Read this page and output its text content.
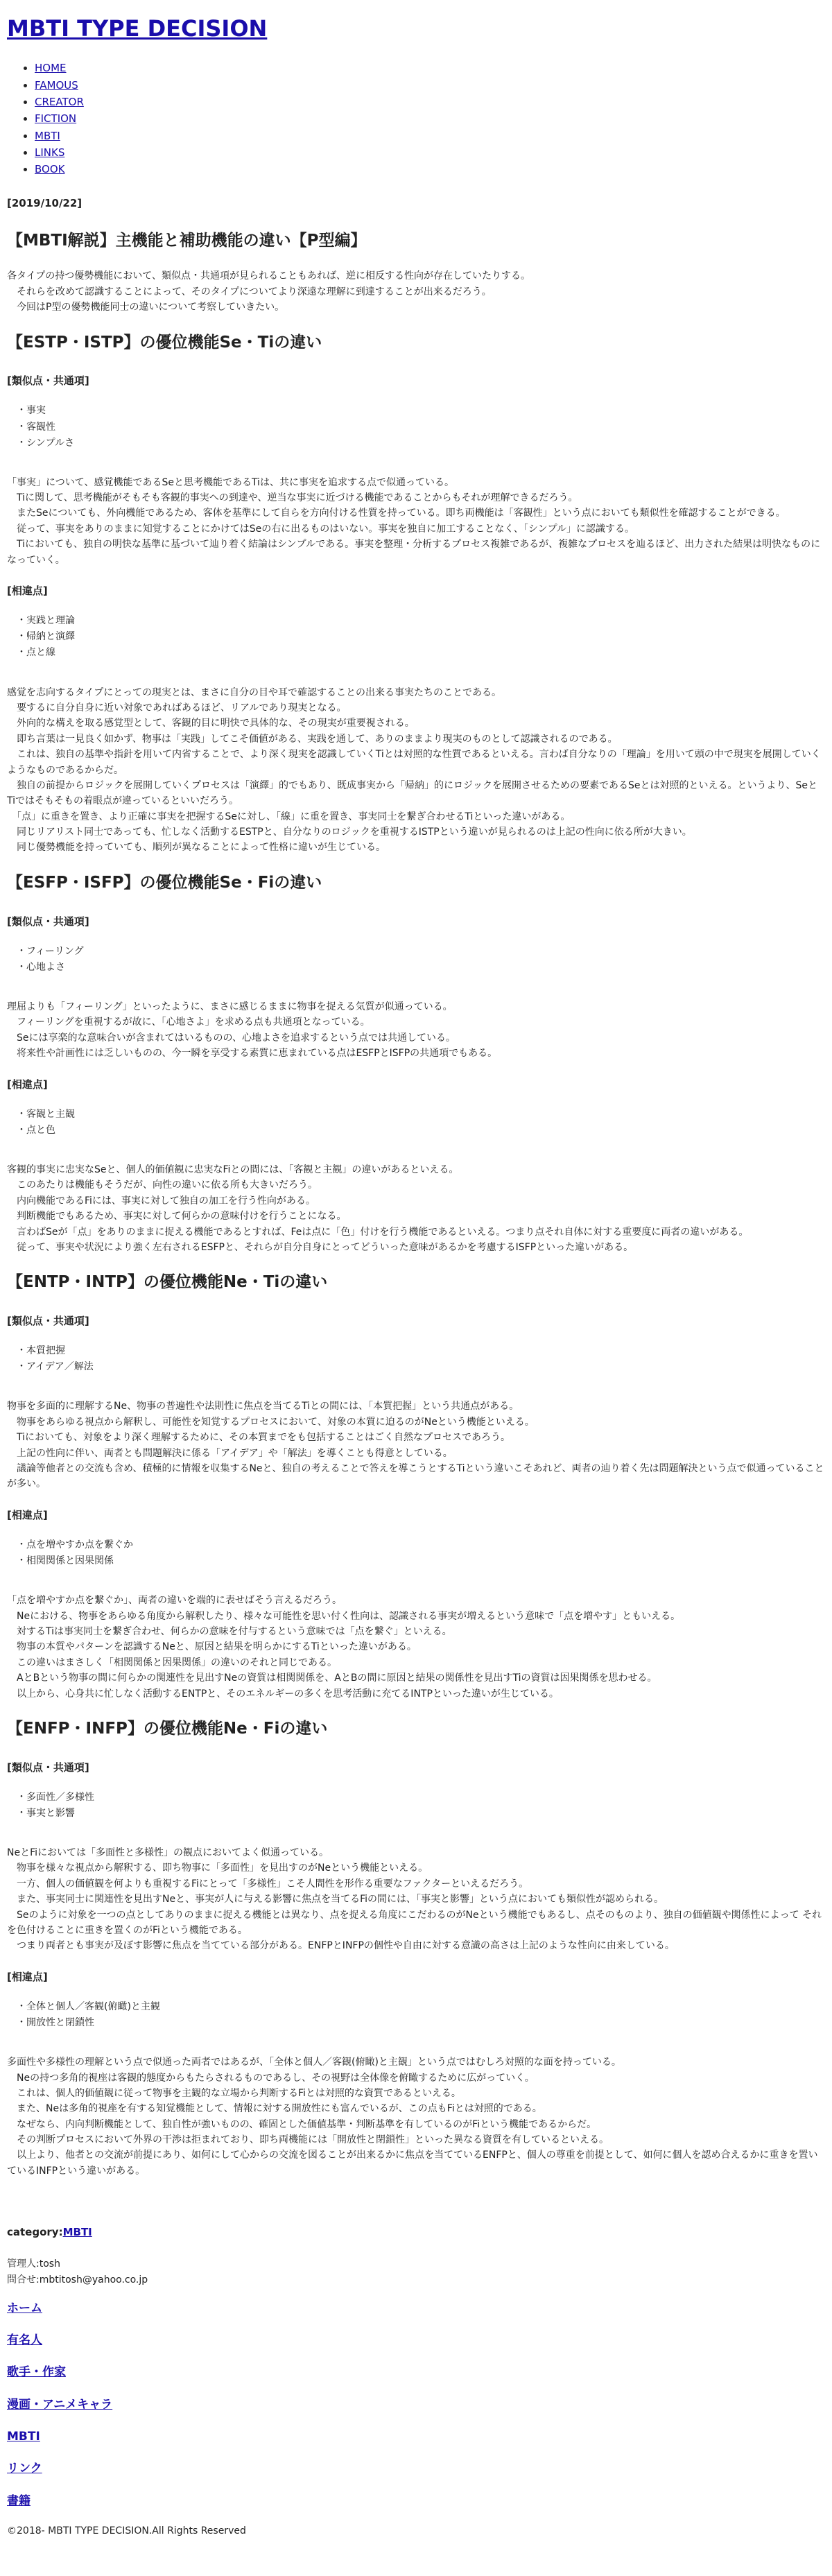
MBTI TYPE DECISION
• HOME
• FAMOUS
• CREATOR
• FICTION
• MBTI
• LINKS
• BOOK
[2019/10/22]
【MBTI解説】主機能と補助機能の違い【P型編】

各タイプの持つ優勢機能において、類似点・共通項が見られることもあれば、逆に相反する性向が存在していたりする。

　それらを改めて認識することによって、そのタイプについてより深遠な理解に到達することが出来るだろう。

　今回はP型の優勢機能同士の違いについて考察していきたい。

【ESTP・ISTP】の優位機能Se・Tiの違い
[類似点・共通項]
・事実
・客観性
・シンプルさ

「事実」について、感覚機能であるSeと思考機能であるTiは、共に事実を追求する点で似通っている。

　Tiに関して、思考機能がそもそも客観的事実への到達や、逆当な事実に近づける機能であることからもそれが理解できるだろう。

　またSeについても、外向機能であるため、客体を基準にして自らを方向付ける性質を持っている。即ち両機能は「客観性」という点においても類似性を確認することができる。

　従って、事実をありのままに知覚することにかけてはSeの右に出るものはいない。事実を独自に加工することなく、「シンプル」に認識する。

　Tiにおいても、独自の明快な基準に基づいて辿り着く結論はシンプルである。事実を整理・分析するプロセス複雑であるが、複雑なプロセスを辿るほど、出力された結果は明快なものになっていく。

[相違点]
・実践と理論
・帰納と演繹
・点と線

感覚を志向するタイプにとっての現実とは、まさに自分の目や耳で確認することの出来る事実たちのことである。

　要するに自分自身に近い対象であればあるほど、リアルであり現実となる。

　外向的な構えを取る感覚型として、客観的目に明快で具体的な、その現実が重要視される。

　即ち言葉は一見良く如かず、物事は「実践」してこそ価値がある、実践を通して、ありのままより現実のものとして認識されるのである。

　これは、独自の基準や指針を用いて内省することで、より深く現実を認識していくTiとは対照的な性質であるといえる。言わば自分なりの「理論」を用いて頭の中で現実を展開していくようなものであるからだ。

　独自の前提からロジックを展開していくプロセスは「演繹」的でもあり、既成事実から「帰納」的にロジックを展開させるための要素であるSeとは対照的といえる。というより、SeとTiではそもそもの着眼点が違っているといいだろう。

　「点」に重きを置き、より正確に事実を把握するSeに対し、「線」に重を置き、事実同士を繋ぎ合わせるTiといった違いがある。

　同じリアリスト同士であっても、忙しなく活動するESTPと、自分なりのロジックを重視するISTPという違いが見られるのは上記の性向に依る所が大きい。

　同じ優勢機能を持っていても、順列が異なることによって性格に違いが生じている。

【ESFP・ISFP】の優位機能Se・Fiの違い
[類似点・共通項]
・フィーリング
・心地よさ

理屈よりも「フィーリング」といったように、まさに感じるままに物事を捉える気質が似通っている。

　フィーリングを重視するが故に、「心地さよ」を求める点も共通項となっている。

　Seには享楽的な意味合いが含まれてはいるものの、心地よさを追求するという点では共通している。

　将来性や計画性には乏しいものの、今一瞬を享受する素質に恵まれている点はESFPとISFPの共通項でもある。

[相違点]
・客観と主観
・点と色

客観的事実に忠実なSeと、個人的価値観に忠実なFiとの間には、「客観と主観」の違いがあるといえる。

　このあたりは機能もそうだが、向性の違いに依る所も大きいだろう。

　内向機能であるFiには、事実に対して独自の加工を行う性向がある。

　判断機能でもあるため、事実に対して何らかの意味付けを行うことになる。

　言わばSeが「点」をありのままに捉える機能であるとすれば、Feは点に「色」付けを行う機能であるといえる。つまり点それ自体に対する重要度に両者の違いがある。

　従って、事実や状況により強く左右されるESFPと、それらが自分自身にとってどういった意味があるかを考慮するISFPといった違いがある。

【ENTP・INTP】の優位機能Ne・Tiの違い
[類似点・共通項]
・本質把握
・アイデア／解法

物事を多面的に理解するNe、物事の普遍性や法則性に焦点を当てるTiとの間には、「本質把握」という共通点がある。

　物事をあらゆる視点から解釈し、可能性を知覚するプロセスにおいて、対象の本質に迫るのがNeという機能といえる。

　Tiにおいても、対象をより深く理解するために、その本質までをも包括することはごく自然なプロセスであろう。

　上記の性向に伴い、両者とも問題解決に係る「アイデア」や「解法」を導くことも得意としている。

　議論等他者との交流も含め、積極的に情報を収集するNeと、独自の考えることで答えを導こうとするTiという違いこそあれど、両者の辿り着く先は問題解決という点で似通っていることが多い。

[相違点]
・点を増やすか点を繋ぐか
・相関関係と因果関係

「点を増やすか点を繋ぐか」、両者の違いを端的に表せばそう言えるだろう。

　Neにおける、物事をあらゆる角度から解釈したり、様々な可能性を思い付く性向は、認識される事実が増えるという意味で「点を増やす」ともいえる。

　対するTiは事実同士を繋ぎ合わせ、何らかの意味を付与するという意味では「点を繋ぐ」といえる。

　物事の本質やパターンを認識するNeと、原因と結果を明らかにするTiといった違いがある。

　この違いはまさしく「相関関係と因果関係」の違いのそれと同じである。

　AとBという物事の間に何らかの関連性を見出すNeの資質は相関関係を、AとBの間に原因と結果の関係性を見出すTiの資質は因果関係を思わせる。

　以上から、心身共に忙しなく活動するENTPと、そのエネルギーの多くを思考活動に充てるINTPといった違いが生じている。

【ENFP・INFP】の優位機能Ne・Fiの違い
[類似点・共通項]
・多面性／多様性
・事実と影響

NeとFiにおいては「多面性と多様性」の観点においてよく似通っている。

　物事を様々な視点から解釈する、即ち物事に「多面性」を見出すのがNeという機能といえる。

　一方、個人の価値観を何よりも重視するFiにとって「多様性」こそ人間性を形作る重要なファクターといえるだろう。

　また、事実同士に関連性を見出すNeと、事実が人に与える影響に焦点を当てるFiの間には、「事実と影響」という点においても類似性が認められる。

　Seのように対象を一つの点としてありのままに捉える機能とは異なり、点を捉える角度にこだわるのがNeという機能でもあるし、点そのものより、独自の価値観や関係性によって それを色付けることに重きを置くのがFiという機能である。

　つまり両者とも事実が及ぼす影響に焦点を当てている部分がある。ENFPとINFPの個性や自由に対する意識の高さは上記のような性向に由来している。

[相違点]
・全体と個人／客観(俯瞰)と主観
・開放性と閉鎖性

多面性や多様性の理解という点で似通った両者ではあるが、「全体と個人／客観(俯瞰)と主観」という点ではむしろ対照的な面を持っている。

　Neの持つ多角的視座は客観的態度からもたらされるものであるし、その視野は全体像を俯瞰するために広がっていく。

　これは、個人的価値観に従って物事を主観的な立場から判断するFiとは対照的な資質であるといえる。

　また、Neは多角的視座を有する知覚機能として、情報に対する開放性にも富んでいるが、この点もFiとは対照的である。

　なぜなら、内向判断機能として、独自性が強いものの、確固とした価値基準・判断基準を有しているのがFiという機能であるからだ。

　その判断プロセスにおいて外界の干渉は拒まれており、即ち両機能には「開放性と閉鎖性」といった異なる資質を有しているといえる。

　以上より、他者との交流が前提にあり、如何にして心からの交流を図ることが出来るかに焦点を当てているENFPと、個人の尊重を前提として、如何に個人を認め合えるかに重きを置いているINFPという違いがある。

category:MBTI
管理人:tosh
問合せ:mbtitosh@yahoo.co.jp
ホーム
有名人
歌手・作家
漫画・アニメキャラ
MBTI
リンク
書籍
©2018- MBTI TYPE DECISION.All Rights Reserved
